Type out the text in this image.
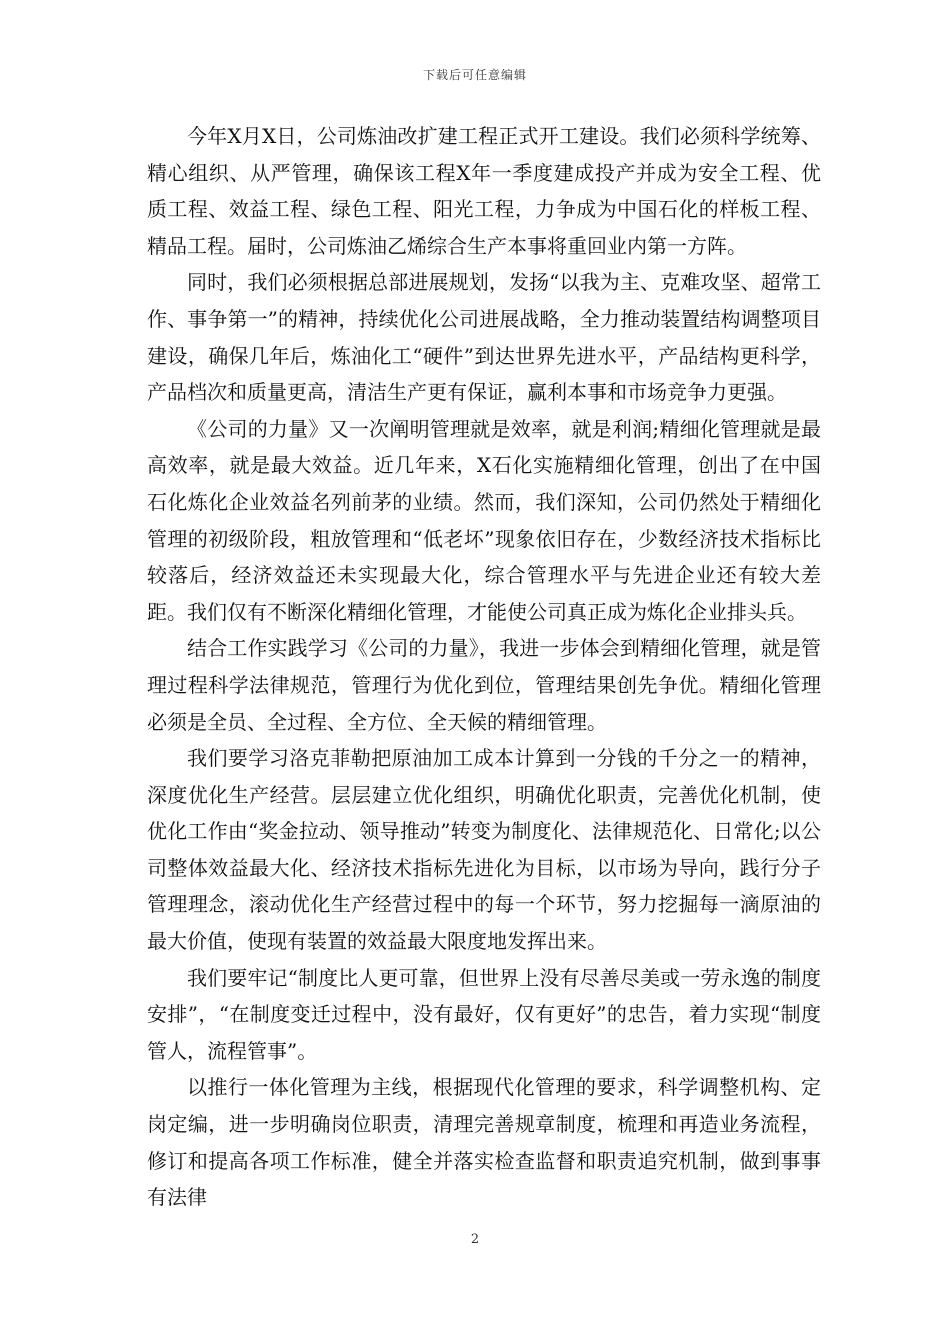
下载后可任意编辑

今年X月X日，公司炼油改扩建工程正式开工建设。我们必须科学统筹、精心组织、从严管理，确保该工程X年一季度建成投产并成为安全工程、优质工程、效益工程、绿色工程、阳光工程，力争成为中国石化的样板工程、精品工程。届时，公司炼油乙烯综合生产本事将重回业内第一方阵。

同时，我们必须根据总部进展规划，发扬“以我为主、克难攻坚、超常工作、事争第一”的精神，持续优化公司进展战略，全力推动装置结构调整项目建设，确保几年后，炼油化工“硬件”到达世界先进水平，产品结构更科学，产品档次和质量更高，清洁生产更有保证，赢利本事和市场竞争力更强。

《公司的力量》又一次阐明管理就是效率，就是利润;精细化管理就是最高效率，就是最大效益。近几年来，X石化实施精细化管理，创出了在中国石化炼化企业效益名列前茅的业绩。然而，我们深知，公司仍然处于精细化管理的初级阶段，粗放管理和“低老坏”现象依旧存在，少数经济技术指标比较落后，经济效益还未实现最大化，综合管理水平与先进企业还有较大差距。我们仅有不断深化精细化管理，才能使公司真正成为炼化企业排头兵。

结合工作实践学习《公司的力量》，我进一步体会到精细化管理，就是管理过程科学法律规范，管理行为优化到位，管理结果创先争优。精细化管理必须是全员、全过程、全方位、全天候的精细管理。

我们要学习洛克菲勒把原油加工成本计算到一分钱的千分之一的精神，深度优化生产经营。层层建立优化组织，明确优化职责，完善优化机制，使优化工作由“奖金拉动、领导推动”转变为制度化、法律规范化、日常化;以公司整体效益最大化、经济技术指标先进化为目标，以市场为导向，践行分子管理理念，滚动优化生产经营过程中的每一个环节，努力挖掘每一滴原油的最大价值，使现有装置的效益最大限度地发挥出来。

我们要牢记“制度比人更可靠，但世界上没有尽善尽美或一劳永逸的制度安排”，“在制度变迁过程中，没有最好，仅有更好”的忠告，着力实现“制度管人，流程管事”。

以推行一体化管理为主线，根据现代化管理的要求，科学调整机构、定岗定编，进一步明确岗位职责，清理完善规章制度，梳理和再造业务流程，修订和提高各项工作标准，健全并落实检查监督和职责追究机制，做到事事有法律

2
